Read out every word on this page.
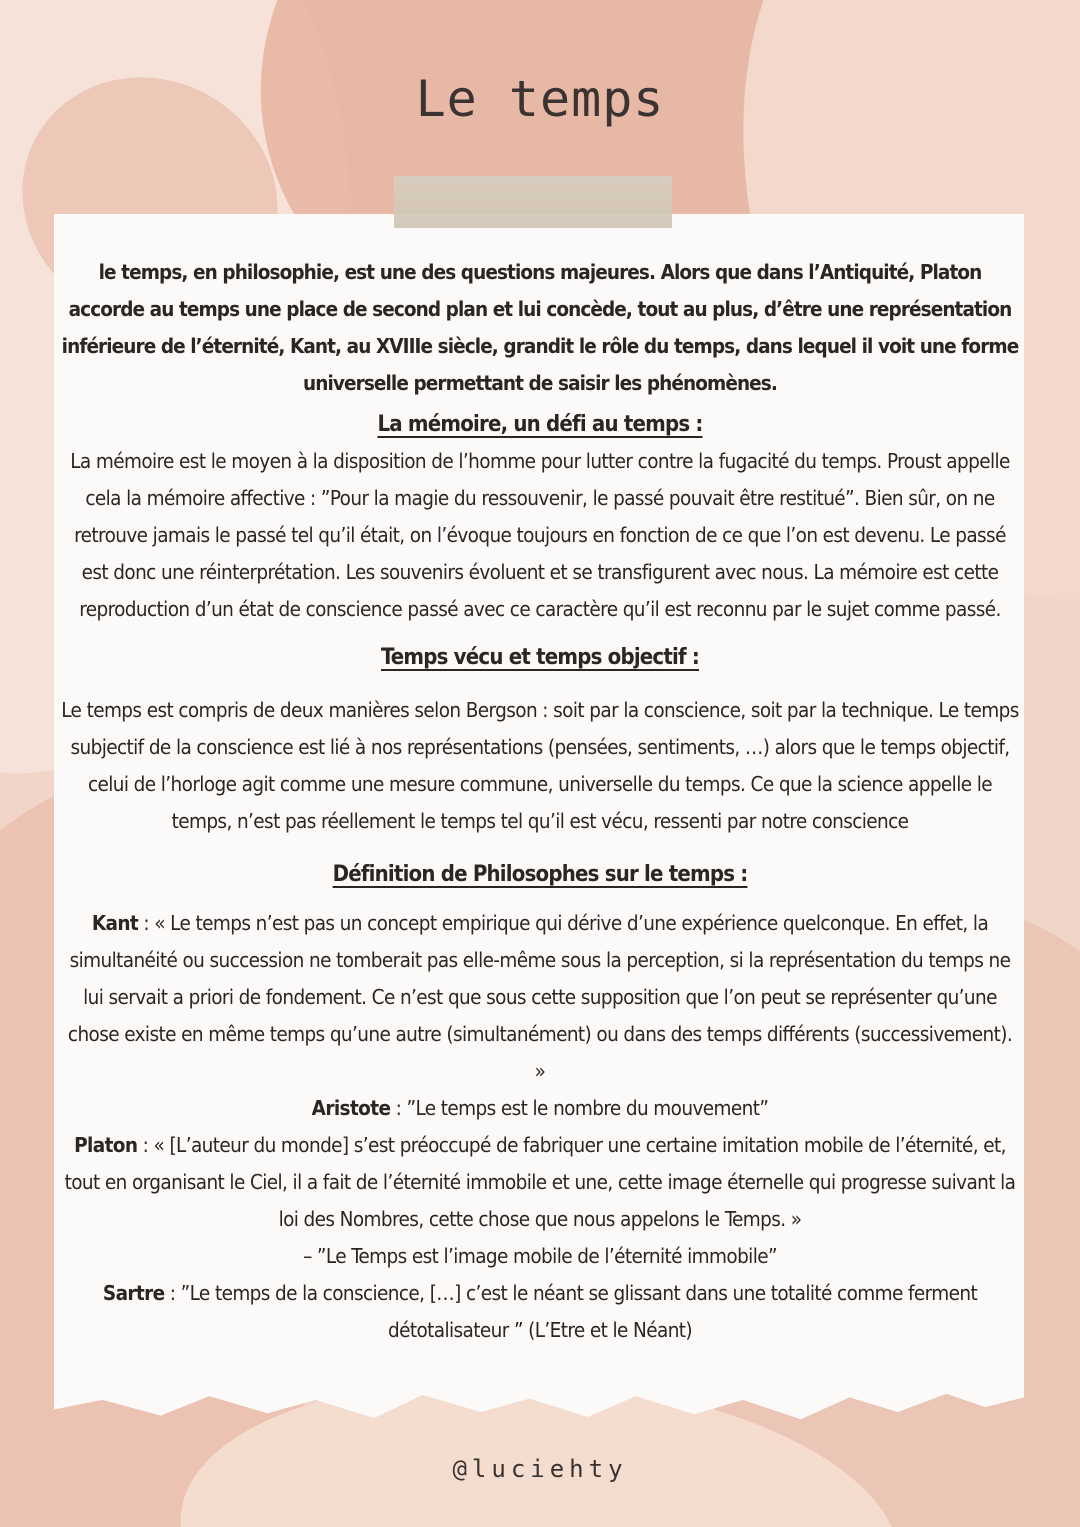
Le temps

le temps, en philosophie, est une des questions majeures. Alors que dans l’Antiquité, Platon accorde au temps une place de second plan et lui concède, tout au plus, d’être une représentation inférieure de l’éternité, Kant, au XVIIIe siècle, grandit le rôle du temps, dans lequel il voit une forme universelle permettant de saisir les phénomènes.

La mémoire, un défi au temps :

La mémoire est le moyen à la disposition de l’homme pour lutter contre la fugacité du temps. Proust appelle cela la mémoire affective : ”Pour la magie du ressouvenir, le passé pouvait être restitué”. Bien sûr, on ne retrouve jamais le passé tel qu’il était, on l’évoque toujours en fonction de ce que l’on est devenu. Le passé est donc une réinterprétation. Les souvenirs évoluent et se transfigurent avec nous. La mémoire est cette reproduction d’un état de conscience passé avec ce caractère qu’il est reconnu par le sujet comme passé.

Temps vécu et temps objectif :

Le temps est compris de deux manières selon Bergson : soit par la conscience, soit par la technique. Le temps subjectif de la conscience est lié à nos représentations (pensées, sentiments, …) alors que le temps objectif, celui de l’horloge agit comme une mesure commune, universelle du temps. Ce que la science appelle le temps, n’est pas réellement le temps tel qu’il est vécu, ressenti par notre conscience

Définition de Philosophes sur le temps :

Kant : « Le temps n’est pas un concept empirique qui dérive d’une expérience quelconque. En effet, la simultanéité ou succession ne tomberait pas elle-même sous la perception, si la représentation du temps ne lui servait a priori de fondement. Ce n’est que sous cette supposition que l’on peut se représenter qu’une chose existe en même temps qu’une autre (simultanément) ou dans des temps différents (successivement). »

Aristote : ”Le temps est le nombre du mouvement”

Platon : « [L’auteur du monde] s’est préoccupé de fabriquer une certaine imitation mobile de l’éternité, et, tout en organisant le Ciel, il a fait de l’éternité immobile et une, cette image éternelle qui progresse suivant la loi des Nombres, cette chose que nous appelons le Temps. »

– ”Le Temps est l’image mobile de l’éternité immobile”

Sartre : ”Le temps de la conscience, […] c’est le néant se glissant dans une totalité comme ferment détotalisateur ” (L’Etre et le Néant)

@luciehty
